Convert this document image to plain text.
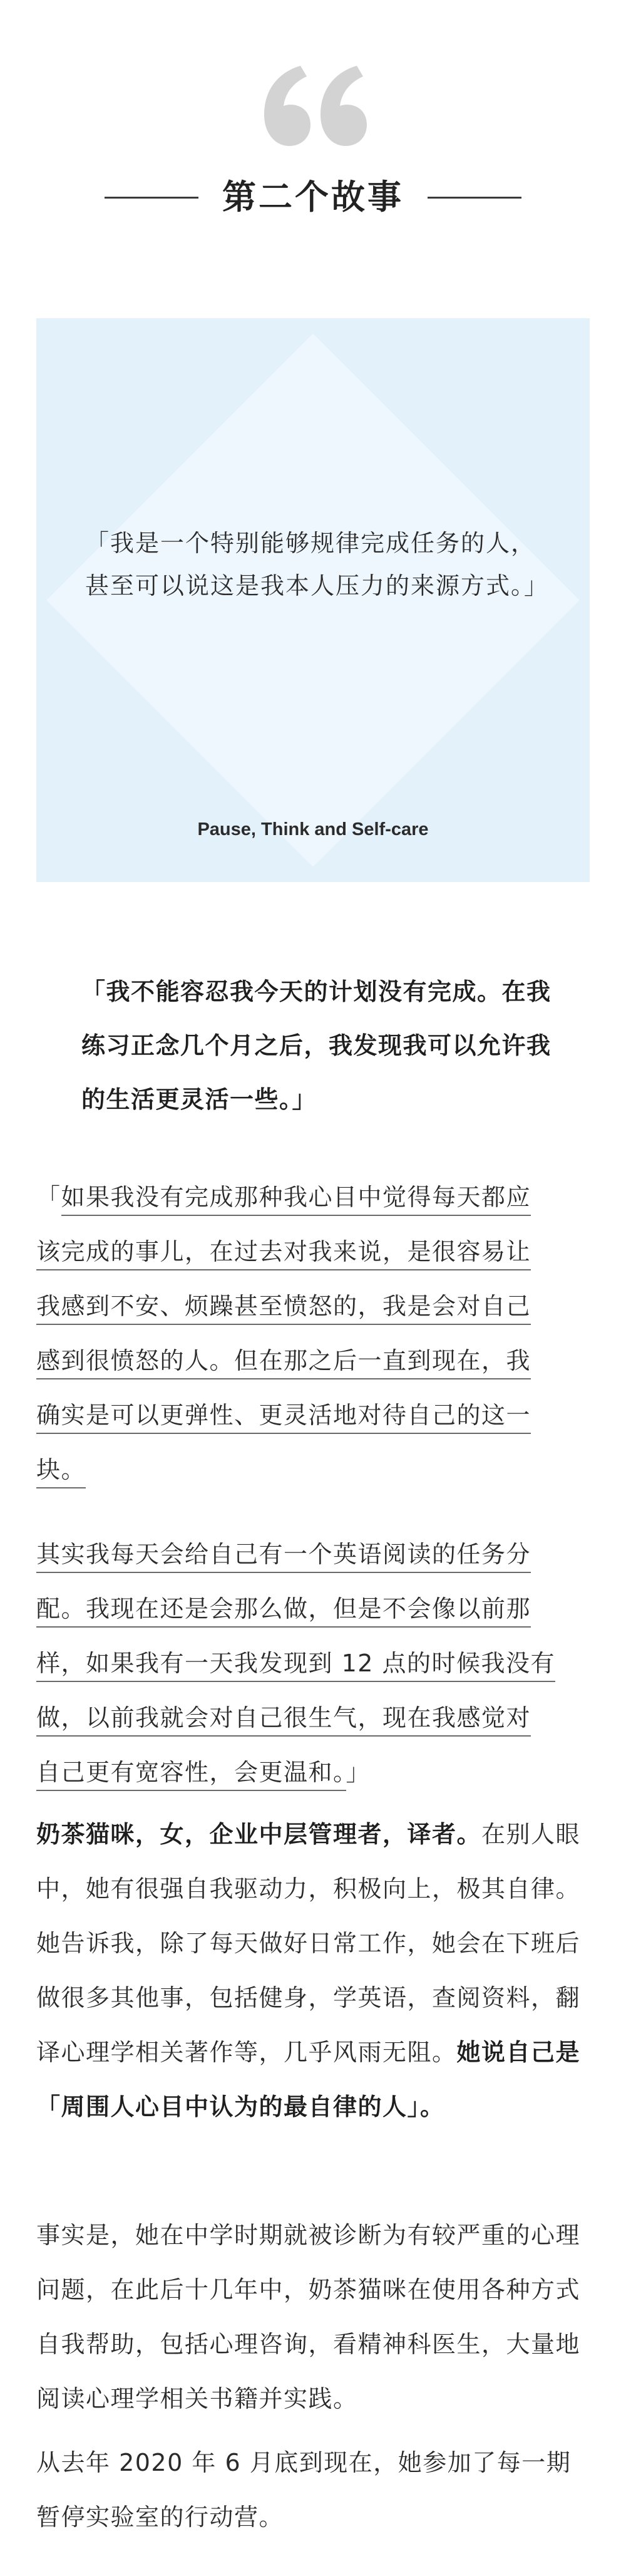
第二个故事

「我是一个特别能够规律完成任务的人，甚至可以说这是我本人压力的来源方式。」

Pause, Think and Self-care

「我不能容忍我今天的计划没有完成。在我练习正念几个月之后，我发现我可以允许我的生活更灵活一些。」

「如果我没有完成那种我心目中觉得每天都应
该完成的事儿，在过去对我来说，是很容易让
我感到不安、烦躁甚至愤怒的，我是会对自己
感到很愤怒的人。但在那之后一直到现在，我
确实是可以更弹性、更灵活地对待自己的这一
块。
其实我每天会给自己有一个英语阅读的任务分
配。我现在还是会那么做，但是不会像以前那
样，如果我有一天我发现到 12 点的时候我没有
做，以前我就会对自己很生气，现在我感觉对
自己更有宽容性，会更温和。」

奶茶猫咪，女，企业中层管理者，译者。在别人眼中，她有很强自我驱动力，积极向上，极其自律。她告诉我，除了每天做好日常工作，她会在下班后做很多其他事，包括健身，学英语，查阅资料，翻译心理学相关著作等，几乎风雨无阻。她说自己是「周围人心目中认为的最自律的人」。

事实是，她在中学时期就被诊断为有较严重的心理问题，在此后十几年中，奶茶猫咪在使用各种方式自我帮助，包括心理咨询，看精神科医生，大量地阅读心理学相关书籍并实践。

从去年 2020 年 6 月底到现在，她参加了每一期暂停实验室的行动营。
